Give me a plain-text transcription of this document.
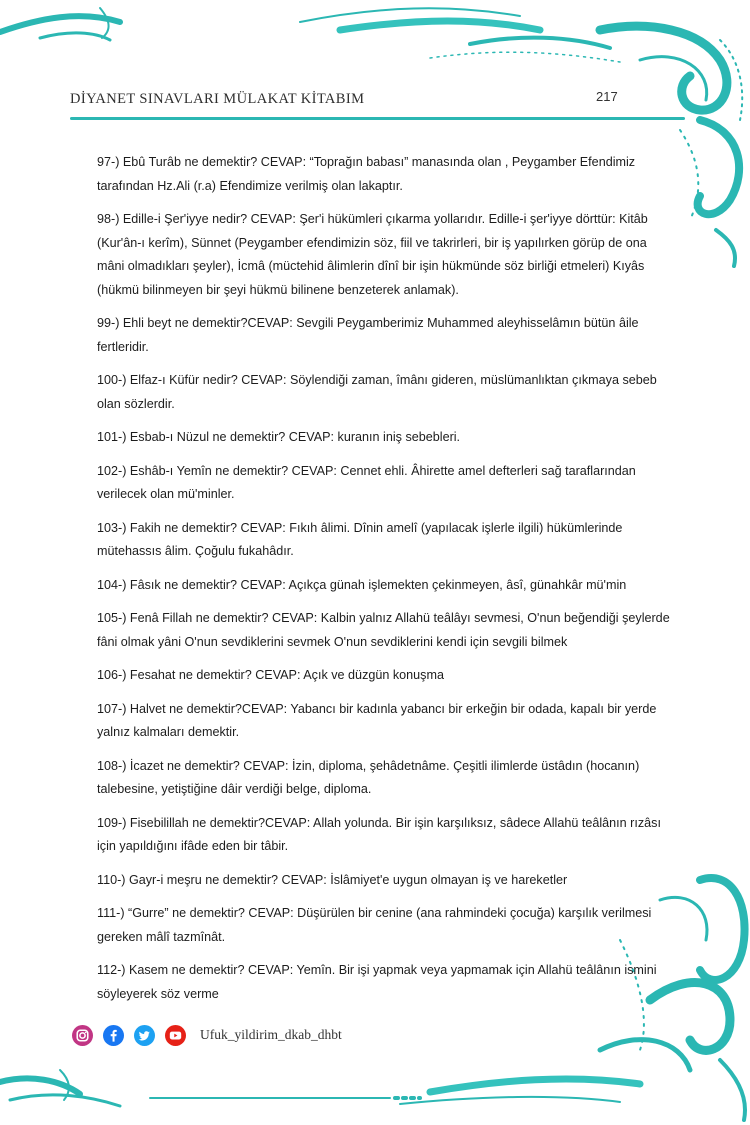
DİYANET SINAVLARI MÜLAKAT KİTABIM	217

97-) Ebû Turâb ne demektir? CEVAP: “Toprağın babası” manasında olan , Peygamber Efendimiz tarafından Hz.Ali (r.a) Efendimize verilmiş olan lakaptır.

98-) Edille-i Şer'iyye nedir? CEVAP: Şer'i hükümleri çıkarma yollarıdır. Edille-i şer'iyye dörttür: Kitâb (Kur'ân-ı kerîm), Sünnet (Peygamber efendimizin söz, fiil ve takrirleri, bir iş yapılırken görüp de ona mâni olmadıkları şeyler), İcmâ (müctehid âlimlerin dînî bir işin hükmünde söz birliği etmeleri) Kıyâs (hükmü bilinmeyen bir şeyi hükmü bilinene benzeterek anlamak).

99-) Ehli beyt ne demektir?CEVAP: Sevgili Peygamberimiz Muhammed aleyhisselâmın bütün âile fertleridir.

100-) Elfaz-ı Küfür nedir? CEVAP: Söylendiği zaman, îmânı gideren, müslümanlıktan çıkmaya sebeb olan sözlerdir.

101-) Esbab-ı Nüzul ne demektir? CEVAP: kuranın iniş sebebleri.

102-) Eshâb-ı Yemîn ne demektir? CEVAP: Cennet ehli. Âhirette amel defterleri sağ taraflarından verilecek olan mü'minler.

103-) Fakih ne demektir? CEVAP: Fıkıh âlimi. Dînin amelî (yapılacak işlerle ilgili) hükümlerinde mütehassıs âlim. Çoğulu fukahâdır.

104-) Fâsık ne demektir? CEVAP: Açıkça günah işlemekten çekinmeyen, âsî, günahkâr mü'min

105-) Fenâ Fillah ne demektir? CEVAP: Kalbin yalnız Allahü teâlâyı sevmesi, O'nun beğendiği şeylerde fâni olmak yâni O'nun sevdiklerini sevmek O'nun sevdiklerini kendi için sevgili bilmek

106-) Fesahat ne demektir? CEVAP: Açık ve düzgün konuşma

107-) Halvet ne demektir?CEVAP: Yabancı bir kadınla yabancı bir erkeğin bir odada, kapalı bir yerde yalnız kalmaları demektir.

108-) İcazet ne demektir? CEVAP: İzin, diploma, şehâdetnâme. Çeşitli ilimlerde üstâdın (hocanın) talebesine, yetiştiğine dâir verdiği belge, diploma.

109-) Fisebilillah ne demektir?CEVAP: Allah yolunda. Bir işin karşılıksız, sâdece Allahü teâlânın rızâsı için yapıldığını ifâde eden bir tâbir.

110-) Gayr-i meşru ne demektir? CEVAP: İslâmiyet'e uygun olmayan iş ve hareketler

111-) “Gurre” ne demektir? CEVAP: Düşürülen bir cenine (ana rahmindeki çocuğa) karşılık verilmesi gereken mâlî tazmînât.

112-) Kasem ne demektir? CEVAP: Yemîn. Bir işi yapmak veya yapmamak için Allahü teâlânın ismini söyleyerek söz verme

Ufuk_yildirim_dkab_dhbt
